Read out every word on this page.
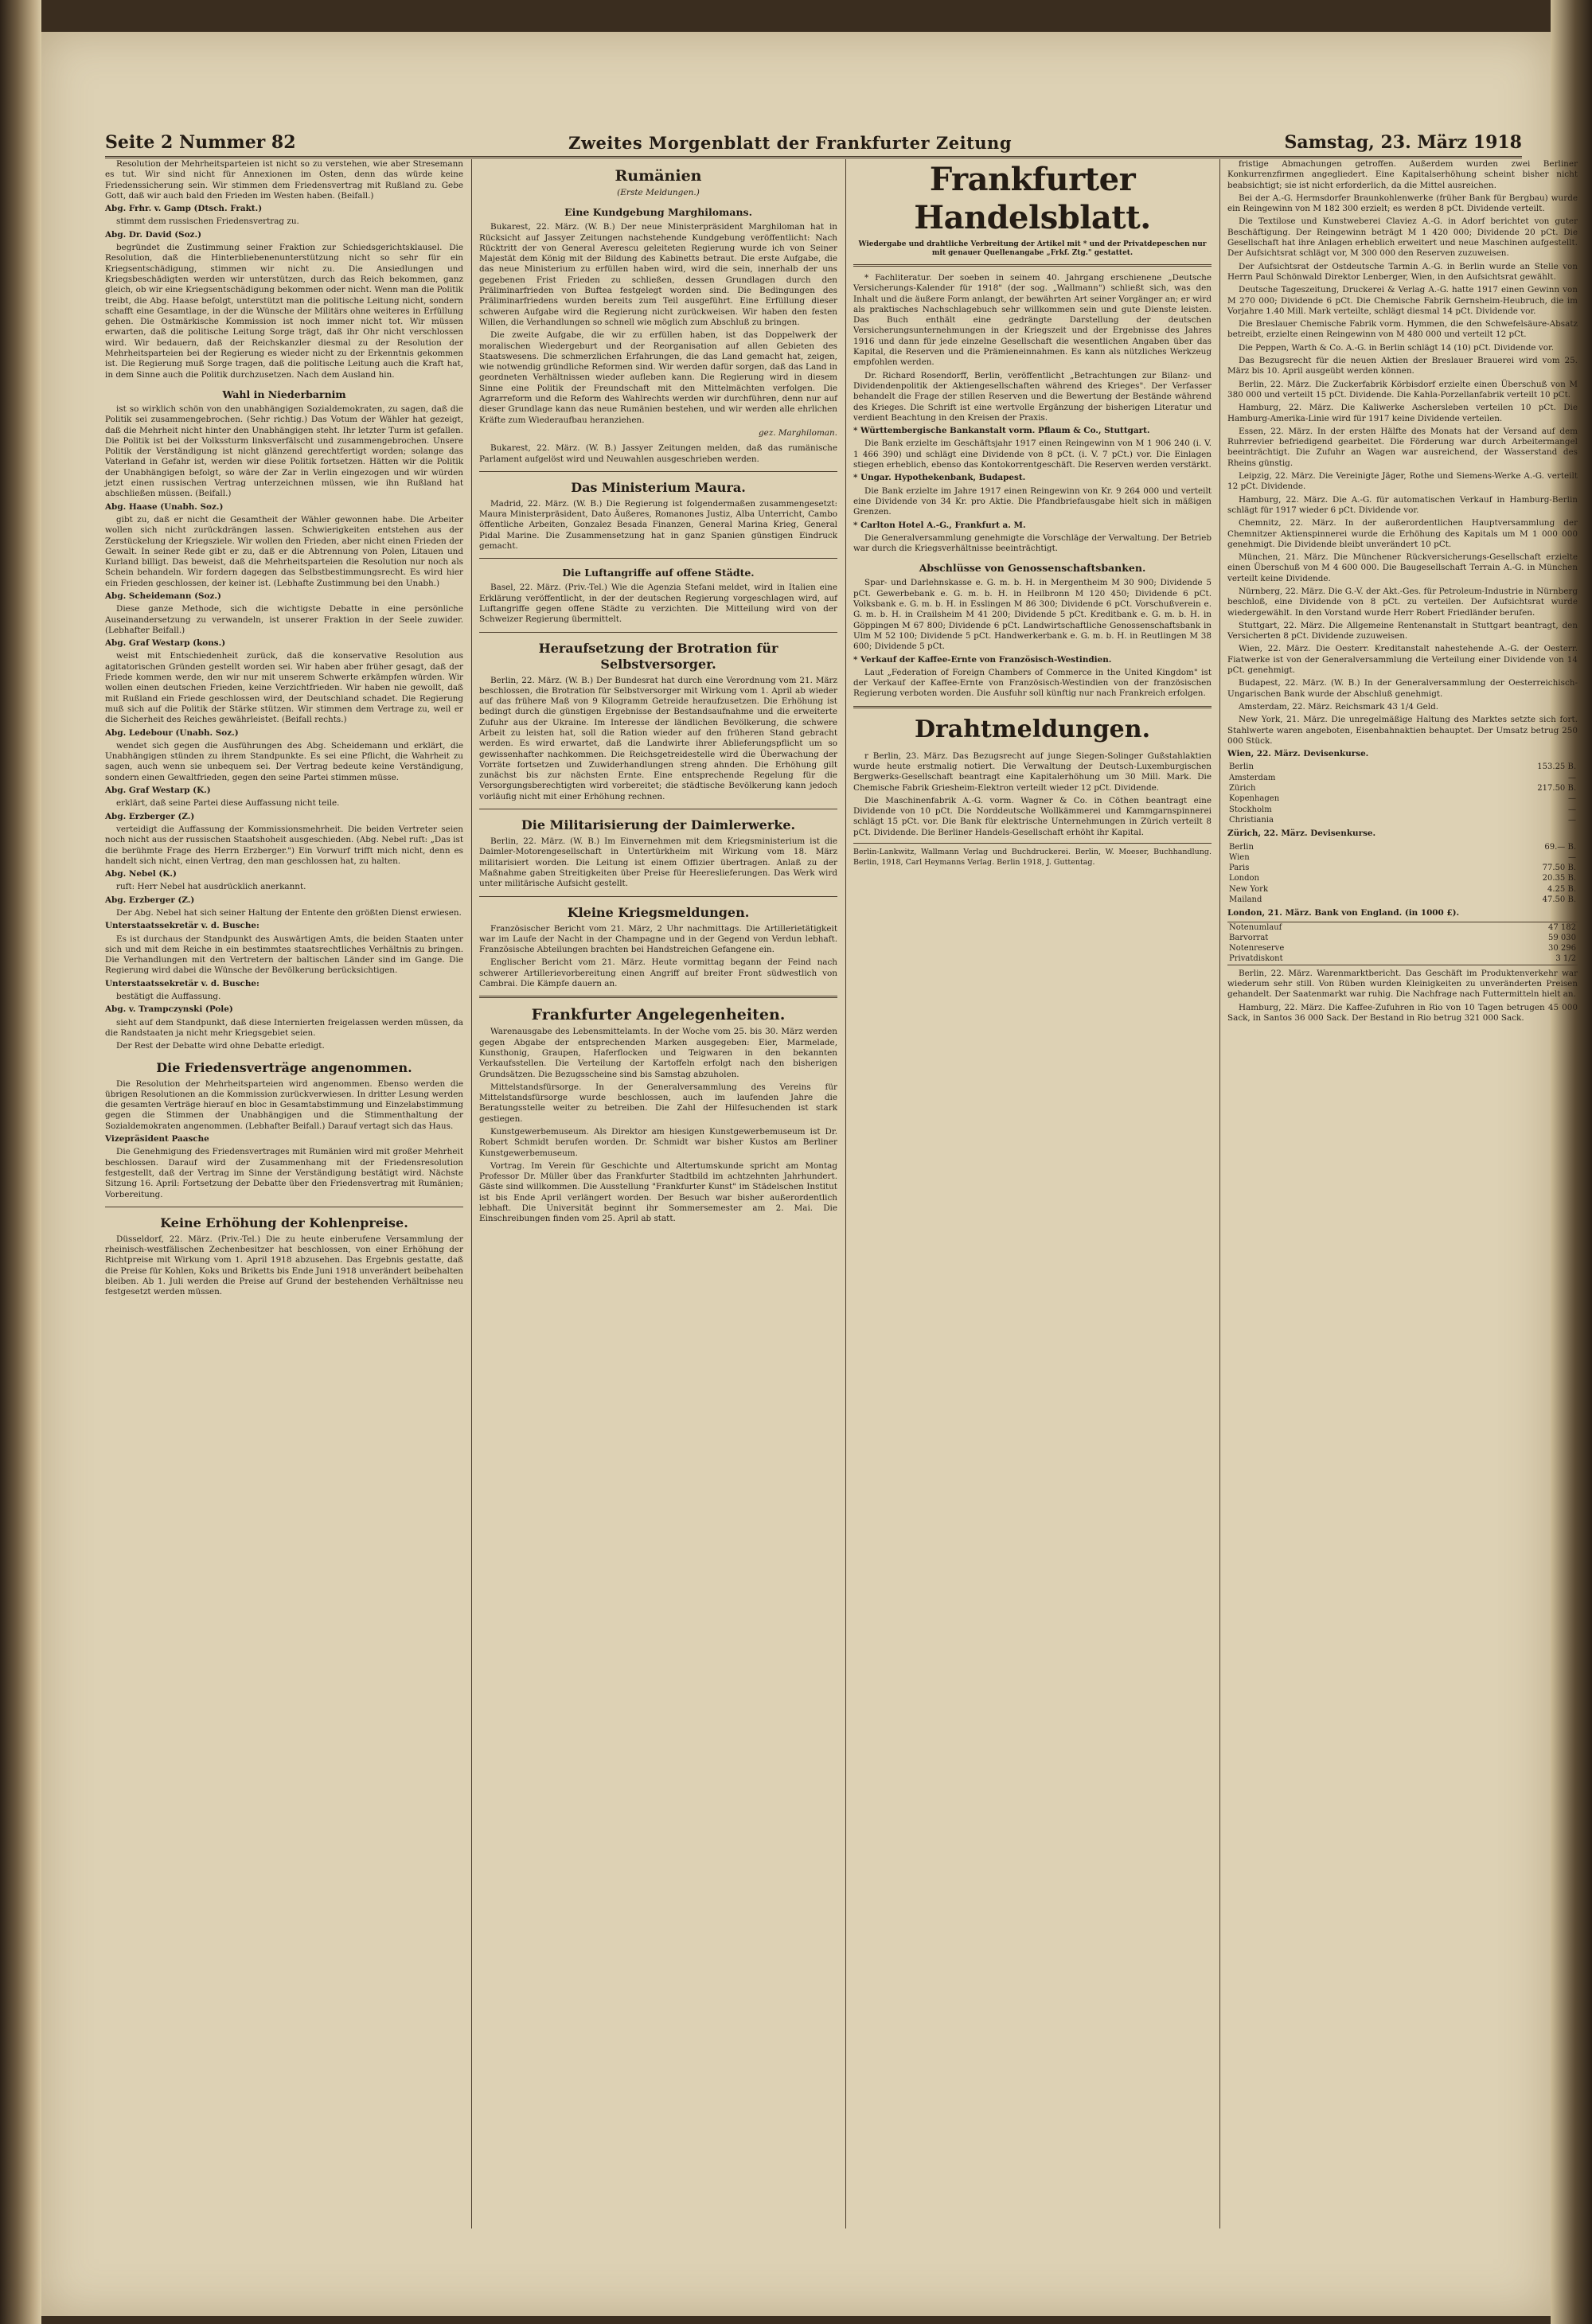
Seite 2 Nummer 82	Zweites Morgenblatt der Frankfurter Zeitung	Samstag, 23. März 1918

Resolution der Mehrheitsparteien ist nicht so zu verstehen, wie aber Stresemann es tut. Wir sind nicht für Annexionen im Osten, denn das würde keine Friedenssicherung sein. Wir stimmen dem Friedensvertrag mit Rußland zu. Gebe Gott, daß wir auch bald den Frieden im Westen haben. (Beifall.)

Abg. Frhr. v. Gamp (Dtsch. Frakt.)

stimmt dem russischen Friedensvertrag zu.

Abg. Dr. David (Soz.)

begründet die Zustimmung seiner Fraktion zur Schiedsgerichtsklausel. Die Resolution, daß die Hinterbliebenenunterstützung nicht so sehr für ein Kriegsentschädigung, stimmen wir nicht zu. Die Ansiedlungen und Kriegsbeschädigten werden wir unterstützen, durch das Reich bekommen, ganz gleich, ob wir eine Kriegsentschädigung bekommen oder nicht. Wenn man die Politik treibt, die Abg. Haase befolgt, unterstützt man die politische Leitung nicht, sondern schafft eine Gesamtlage, in der die Wünsche der Militärs ohne weiteres in Erfüllung gehen. Die Ostmärkische Kommission ist noch immer nicht tot. Wir müssen erwarten, daß die politische Leitung Sorge trägt, daß ihr Ohr nicht verschlossen wird. Wir bedauern, daß der Reichskanzler diesmal zu der Resolution der Mehrheitsparteien bei der Regierung es wieder nicht zu der Erkenntnis gekommen ist. Die Regierung muß Sorge tragen, daß die politische Leitung auch die Kraft hat, in dem Sinne auch die Politik durchzusetzen. Nach dem Ausland hin.

Wahl in Niederbarnim

ist so wirklich schön von den unabhängigen Sozialdemokraten, zu sagen, daß die Politik sei zusammengebrochen. (Sehr richtig.) Das Votum der Wähler hat gezeigt, daß die Mehrheit nicht hinter den Unabhängigen steht. Ihr letzter Turm ist gefallen. Die Politik ist bei der Volkssturm linksverfälscht und zusammengebrochen. Unsere Politik der Verständigung ist nicht glänzend gerechtfertigt worden; solange das Vaterland in Gefahr ist, werden wir diese Politik fortsetzen. Hätten wir die Politik der Unabhängigen befolgt, so wäre der Zar in Verlin eingezogen und wir würden jetzt einen russischen Vertrag unterzeichnen müssen, wie ihn Rußland hat abschließen müssen. (Beifall.)

Abg. Haase (Unabh. Soz.)

gibt zu, daß er nicht die Gesamtheit der Wähler gewonnen habe. Die Arbeiter wollen sich nicht zurückdrängen lassen. Schwierigkeiten entstehen aus der Zerstückelung der Kriegsziele. Wir wollen den Frieden, aber nicht einen Frieden der Gewalt. In seiner Rede gibt er zu, daß er die Abtrennung von Polen, Litauen und Kurland billigt. Das beweist, daß die Mehrheitsparteien die Resolution nur noch als Schein behandeln. Wir fordern dagegen das Selbstbestimmungsrecht. Es wird hier ein Frieden geschlossen, der keiner ist. (Lebhafte Zustimmung bei den Unabh.)

Abg. Scheidemann (Soz.)

Diese ganze Methode, sich die wichtigste Debatte in eine persönliche Auseinandersetzung zu verwandeln, ist unserer Fraktion in der Seele zuwider. (Lebhafter Beifall.)

Abg. Graf Westarp (kons.)

weist mit Entschiedenheit zurück, daß die konservative Resolution aus agitatorischen Gründen gestellt worden sei. Wir haben aber früher gesagt, daß der Friede kommen werde, den wir nur mit unserem Schwerte erkämpfen würden. Wir wollen einen deutschen Frieden, keine Verzichtfrieden. Wir haben nie gewollt, daß mit Rußland ein Friede geschlossen wird, der Deutschland schadet. Die Regierung muß sich auf die Politik der Stärke stützen. Wir stimmen dem Vertrage zu, weil er die Sicherheit des Reiches gewährleistet. (Beifall rechts.)

Abg. Ledebour (Unabh. Soz.)

wendet sich gegen die Ausführungen des Abg. Scheidemann und erklärt, die Unabhängigen stünden zu ihrem Standpunkte. Es sei eine Pflicht, die Wahrheit zu sagen, auch wenn sie unbequem sei. Der Vertrag bedeute keine Verständigung, sondern einen Gewaltfrieden, gegen den seine Partei stimmen müsse.

Abg. Graf Westarp (K.)

erklärt, daß seine Partei diese Auffassung nicht teile.

Abg. Erzberger (Z.)

verteidigt die Auffassung der Kommissionsmehrheit. Die beiden Vertreter seien noch nicht aus der russischen Staatshoheit ausgeschieden. (Abg. Nebel ruft: „Das ist die berühmte Frage des Herrn Erzberger.") Ein Vorwurf trifft mich nicht, denn es handelt sich nicht, einen Vertrag, den man geschlossen hat, zu halten.

Abg. Nebel (K.)

ruft: Herr Nebel hat ausdrücklich anerkannt.

Abg. Erzberger (Z.)

Der Abg. Nebel hat sich seiner Haltung der Entente den größten Dienst erwiesen.

Unterstaatssekretär v. d. Busche:

Es ist durchaus der Standpunkt des Auswärtigen Amts, die beiden Staaten unter sich und mit dem Reiche in ein bestimmtes staatsrechtliches Verhältnis zu bringen. Die Verhandlungen mit den Vertretern der baltischen Länder sind im Gange. Die Regierung wird dabei die Wünsche der Bevölkerung berücksichtigen.

Unterstaatssekretär v. d. Busche:

bestätigt die Auffassung.

Abg. v. Trampczynski (Pole)

sieht auf dem Standpunkt, daß diese Internierten freigelassen werden müssen, da die Randstaaten ja nicht mehr Kriegsgebiet seien.

Der Rest der Debatte wird ohne Debatte erledigt.

Die Friedensverträge angenommen.

Die Resolution der Mehrheitsparteien wird angenommen. Ebenso werden die übrigen Resolutionen an die Kommission zurückverwiesen. In dritter Lesung werden die gesamten Verträge hierauf en bloc in Gesamtabstimmung und Einzelabstimmung gegen die Stimmen der Unabhängigen und die Stimmenthaltung der Sozialdemokraten angenommen. (Lebhafter Beifall.) Darauf vertagt sich das Haus.

Vizepräsident Paasche

Die Genehmigung des Friedensvertrages mit Rumänien wird mit großer Mehrheit beschlossen. Darauf wird der Zusammenhang mit der Friedensresolution festgestellt, daß der Vertrag im Sinne der Verständigung bestätigt wird. Nächste Sitzung 16. April: Fortsetzung der Debatte über den Friedensvertrag mit Rumänien; Vorbereitung.

Keine Erhöhung der Kohlenpreise.

Düsseldorf, 22. März. (Priv.-Tel.) Die zu heute einberufene Versammlung der rheinisch-westfälischen Zechenbesitzer hat beschlossen, von einer Erhöhung der Richtpreise mit Wirkung vom 1. April 1918 abzusehen. Das Ergebnis gestatte, daß die Preise für Kohlen, Koks und Briketts bis Ende Juni 1918 unverändert beibehalten bleiben. Ab 1. Juli werden die Preise auf Grund der bestehenden Verhältnisse neu festgesetzt werden müssen.

Rumänien
(Erste Meldungen.)
Eine Kundgebung Marghilomans.

Bukarest, 22. März. (W. B.) Der neue Ministerpräsident Marghiloman hat in Rücksicht auf Jassyer Zeitungen nachstehende Kundgebung veröffentlicht: Nach Rücktritt der von General Averescu geleiteten Regierung wurde ich von Seiner Majestät dem König mit der Bildung des Kabinetts betraut. Die erste Aufgabe, die das neue Ministerium zu erfüllen haben wird, wird die sein, innerhalb der uns gegebenen Frist Frieden zu schließen, dessen Grundlagen durch den Präliminarfrieden von Buftea festgelegt worden sind. Die Bedingungen des Präliminarfriedens wurden bereits zum Teil ausgeführt. Eine Erfüllung dieser schweren Aufgabe wird die Regierung nicht zurückweisen. Wir haben den festen Willen, die Verhandlungen so schnell wie möglich zum Abschluß zu bringen.

Die zweite Aufgabe, die wir zu erfüllen haben, ist das Doppelwerk der moralischen Wiedergeburt und der Reorganisation auf allen Gebieten des Staatswesens. Die schmerzlichen Erfahrungen, die das Land gemacht hat, zeigen, wie notwendig gründliche Reformen sind. Wir werden dafür sorgen, daß das Land in geordneten Verhältnissen wieder aufleben kann. Die Regierung wird in diesem Sinne eine Politik der Freundschaft mit den Mittelmächten verfolgen. Die Agrarreform und die Reform des Wahlrechts werden wir durchführen, denn nur auf dieser Grundlage kann das neue Rumänien bestehen, und wir werden alle ehrlichen Kräfte zum Wiederaufbau heranziehen.

gez. Marghiloman.

Bukarest, 22. März. (W. B.) Jassyer Zeitungen melden, daß das rumänische Parlament aufgelöst wird und Neuwahlen ausgeschrieben werden.

Das Ministerium Maura.

Madrid, 22. März. (W. B.) Die Regierung ist folgendermaßen zusammengesetzt: Maura Ministerpräsident, Dato Äußeres, Romanones Justiz, Alba Unterricht, Cambo öffentliche Arbeiten, Gonzalez Besada Finanzen, General Marina Krieg, General Pidal Marine. Die Zusammensetzung hat in ganz Spanien günstigen Eindruck gemacht.

Die Luftangriffe auf offene Städte.

Basel, 22. März. (Priv.-Tel.) Wie die Agenzia Stefani meldet, wird in Italien eine Erklärung veröffentlicht, in der der deutschen Regierung vorgeschlagen wird, auf Luftangriffe gegen offene Städte zu verzichten. Die Mitteilung wird von der Schweizer Regierung übermittelt.

Heraufsetzung der Brotration für Selbstversorger.

Berlin, 22. März. (W. B.) Der Bundesrat hat durch eine Verordnung vom 21. März beschlossen, die Brotration für Selbstversorger mit Wirkung vom 1. April ab wieder auf das frühere Maß von 9 Kilogramm Getreide heraufzusetzen. Die Erhöhung ist bedingt durch die günstigen Ergebnisse der Bestandsaufnahme und die erweiterte Zufuhr aus der Ukraine. Im Interesse der ländlichen Bevölkerung, die schwere Arbeit zu leisten hat, soll die Ration wieder auf den früheren Stand gebracht werden. Es wird erwartet, daß die Landwirte ihrer Ablieferungspflicht um so gewissenhafter nachkommen. Die Reichsgetreidestelle wird die Überwachung der Vorräte fortsetzen und Zuwiderhandlungen streng ahnden. Die Erhöhung gilt zunächst bis zur nächsten Ernte. Eine entsprechende Regelung für die Versorgungsberechtigten wird vorbereitet; die städtische Bevölkerung kann jedoch vorläufig nicht mit einer Erhöhung rechnen.

Die Militarisierung der Daimlerwerke.

Berlin, 22. März. (W. B.) Im Einvernehmen mit dem Kriegsministerium ist die Daimler-Motorengesellschaft in Untertürkheim mit Wirkung vom 18. März militarisiert worden. Die Leitung ist einem Offizier übertragen. Anlaß zu der Maßnahme gaben Streitigkeiten über Preise für Heereslieferungen. Das Werk wird unter militärische Aufsicht gestellt.

Kleine Kriegsmeldungen.

Französischer Bericht vom 21. März, 2 Uhr nachmittags. Die Artillerietätigkeit war im Laufe der Nacht in der Champagne und in der Gegend von Verdun lebhaft. Französische Abteilungen brachten bei Handstreichen Gefangene ein.

Englischer Bericht vom 21. März. Heute vormittag begann der Feind nach schwerer Artillerievorbereitung einen Angriff auf breiter Front südwestlich von Cambrai. Die Kämpfe dauern an.

Frankfurter Angelegenheiten.

Warenausgabe des Lebensmittelamts. In der Woche vom 25. bis 30. März werden gegen Abgabe der entsprechenden Marken ausgegeben: Eier, Marmelade, Kunsthonig, Graupen, Haferflocken und Teigwaren in den bekannten Verkaufsstellen. Die Verteilung der Kartoffeln erfolgt nach den bisherigen Grundsätzen. Die Bezugsscheine sind bis Samstag abzuholen.

Mittelstandsfürsorge. In der Generalversammlung des Vereins für Mittelstandsfürsorge wurde beschlossen, auch im laufenden Jahre die Beratungsstelle weiter zu betreiben. Die Zahl der Hilfesuchenden ist stark gestiegen.

Kunstgewerbemuseum. Als Direktor am hiesigen Kunstgewerbemuseum ist Dr. Robert Schmidt berufen worden. Dr. Schmidt war bisher Kustos am Berliner Kunstgewerbemuseum.

Vortrag. Im Verein für Geschichte und Altertumskunde spricht am Montag Professor Dr. Müller über das Frankfurter Stadtbild im achtzehnten Jahrhundert. Gäste sind willkommen. Die Ausstellung "Frankfurter Kunst" im Städelschen Institut ist bis Ende April verlängert worden. Der Besuch war bisher außerordentlich lebhaft. Die Universität beginnt ihr Sommersemester am 2. Mai. Die Einschreibungen finden vom 25. April ab statt.

Frankfurter Handelsblatt.
Wiedergabe und drahtliche Verbreitung der Artikel mit * und der Privatdepeschen nur mit genauer Quellenangabe „Frkf. Ztg." gestattet.

* Fachliteratur. Der soeben in seinem 40. Jahrgang erschienene „Deutsche Versicherungs-Kalender für 1918" (der sog. „Wallmann") schließt sich, was den Inhalt und die äußere Form anlangt, der bewährten Art seiner Vorgänger an; er wird als praktisches Nachschlagebuch sehr willkommen sein und gute Dienste leisten. Das Buch enthält eine gedrängte Darstellung der deutschen Versicherungsunternehmungen in der Kriegszeit und der Ergebnisse des Jahres 1916 und dann für jede einzelne Gesellschaft die wesentlichen Angaben über das Kapital, die Reserven und die Prämieneinnahmen. Es kann als nützliches Werkzeug empfohlen werden.

Dr. Richard Rosendorff, Berlin, veröffentlicht „Betrachtungen zur Bilanz- und Dividendenpolitik der Aktiengesellschaften während des Krieges". Der Verfasser behandelt die Frage der stillen Reserven und die Bewertung der Bestände während des Krieges. Die Schrift ist eine wertvolle Ergänzung der bisherigen Literatur und verdient Beachtung in den Kreisen der Praxis.

* Württembergische Bankanstalt vorm. Pflaum & Co., Stuttgart.

Die Bank erzielte im Geschäftsjahr 1917 einen Reingewinn von M 1 906 240 (i. V. 1 466 390) und schlägt eine Dividende von 8 pCt. (i. V. 7 pCt.) vor. Die Einlagen stiegen erheblich, ebenso das Kontokorrentgeschäft. Die Reserven werden verstärkt.

* Ungar. Hypothekenbank, Budapest.

Die Bank erzielte im Jahre 1917 einen Reingewinn von Kr. 9 264 000 und verteilt eine Dividende von 34 Kr. pro Aktie. Die Pfandbriefausgabe hielt sich in mäßigen Grenzen.

* Carlton Hotel A.-G., Frankfurt a. M.

Die Generalversammlung genehmigte die Vorschläge der Verwaltung. Der Betrieb war durch die Kriegsverhältnisse beeinträchtigt.

Abschlüsse von Genossenschaftsbanken.

Spar- und Darlehnskasse e. G. m. b. H. in Mergentheim M 30 900; Dividende 5 pCt. Gewerbebank e. G. m. b. H. in Heilbronn M 120 450; Dividende 6 pCt. Volksbank e. G. m. b. H. in Esslingen M 86 300; Dividende 6 pCt. Vorschußverein e. G. m. b. H. in Crailsheim M 41 200; Dividende 5 pCt. Kreditbank e. G. m. b. H. in Göppingen M 67 800; Dividende 6 pCt. Landwirtschaftliche Genossenschaftsbank in Ulm M 52 100; Dividende 5 pCt. Handwerkerbank e. G. m. b. H. in Reutlingen M 38 600; Dividende 5 pCt.

* Verkauf der Kaffee-Ernte von Französisch-Westindien.

Laut „Federation of Foreign Chambers of Commerce in the United Kingdom" ist der Verkauf der Kaffee-Ernte von Französisch-Westindien von der französischen Regierung verboten worden. Die Ausfuhr soll künftig nur nach Frankreich erfolgen.

Drahtmeldungen.

r Berlin, 23. März. Das Bezugsrecht auf junge Siegen-Solinger Gußstahlaktien wurde heute erstmalig notiert. Die Verwaltung der Deutsch-Luxemburgischen Bergwerks-Gesellschaft beantragt eine Kapitalerhöhung um 30 Mill. Mark. Die Chemische Fabrik Griesheim-Elektron verteilt wieder 12 pCt. Dividende.

Die Maschinenfabrik A.-G. vorm. Wagner & Co. in Cöthen beantragt eine Dividende von 10 pCt. Die Norddeutsche Wollkämmerei und Kammgarnspinnerei schlägt 15 pCt. vor. Die Bank für elektrische Unternehmungen in Zürich verteilt 8 pCt. Dividende. Die Berliner Handels-Gesellschaft erhöht ihr Kapital.

Berlin-Lankwitz, Wallmann Verlag und Buchdruckerei. Berlin, W. Moeser, Buchhandlung. Berlin, 1918, Carl Heymanns Verlag. Berlin 1918, J. Guttentag.

fristige Abmachungen getroffen. Außerdem wurden zwei Berliner Konkurrenzfirmen angegliedert. Eine Kapitalserhöhung scheint bisher nicht beabsichtigt; sie ist nicht erforderlich, da die Mittel ausreichen.

Bei der A.-G. Hermsdorfer Braunkohlenwerke (früher Bank für Bergbau) wurde ein Reingewinn von M 182 300 erzielt; es werden 8 pCt. Dividende verteilt.

Die Textilose und Kunstweberei Claviez A.-G. in Adorf berichtet von guter Beschäftigung. Der Reingewinn beträgt M 1 420 000; Dividende 20 pCt. Die Gesellschaft hat ihre Anlagen erheblich erweitert und neue Maschinen aufgestellt. Der Aufsichtsrat schlägt vor, M 300 000 den Reserven zuzuweisen.

Der Aufsichtsrat der Ostdeutsche Tarmin A.-G. in Berlin wurde an Stelle von Herrn Paul Schönwald Direktor Lenberger, Wien, in den Aufsichtsrat gewählt.

Deutsche Tageszeitung, Druckerei & Verlag A.-G. hatte 1917 einen Gewinn von M 270 000; Dividende 6 pCt. Die Chemische Fabrik Gernsheim-Heubruch, die im Vorjahre 1.40 Mill. Mark verteilte, schlägt diesmal 14 pCt. Dividende vor.

Die Breslauer Chemische Fabrik vorm. Hymmen, die den Schwefelsäure-Absatz betreibt, erzielte einen Reingewinn von M 480 000 und verteilt 12 pCt.

Die Peppen, Warth & Co. A.-G. in Berlin schlägt 14 (10) pCt. Dividende vor.

Das Bezugsrecht für die neuen Aktien der Breslauer Brauerei wird vom 25. März bis 10. April ausgeübt werden können.

Berlin, 22. März. Die Zuckerfabrik Körbisdorf erzielte einen Überschuß von M 380 000 und verteilt 15 pCt. Dividende. Die Kahla-Porzellanfabrik verteilt 10 pCt.

Hamburg, 22. März. Die Kaliwerke Aschersleben verteilen 10 pCt. Die Hamburg-Amerika-Linie wird für 1917 keine Dividende verteilen.

Essen, 22. März. In der ersten Hälfte des Monats hat der Versand auf dem Ruhrrevier befriedigend gearbeitet. Die Förderung war durch Arbeitermangel beeinträchtigt. Die Zufuhr an Wagen war ausreichend, der Wasserstand des Rheins günstig.

Leipzig, 22. März. Die Vereinigte Jäger, Rothe und Siemens-Werke A.-G. verteilt 12 pCt. Dividende.

Hamburg, 22. März. Die A.-G. für automatischen Verkauf in Hamburg-Berlin schlägt für 1917 wieder 6 pCt. Dividende vor.

Chemnitz, 22. März. In der außerordentlichen Hauptversammlung der Chemnitzer Aktienspinnerei wurde die Erhöhung des Kapitals um M 1 000 000 genehmigt. Die Dividende bleibt unverändert 10 pCt.

München, 21. März. Die Münchener Rückversicherungs-Gesellschaft erzielte einen Überschuß von M 4 600 000. Die Baugesellschaft Terrain A.-G. in München verteilt keine Dividende.

Nürnberg, 22. März. Die G.-V. der Akt.-Ges. für Petroleum-Industrie in Nürnberg beschloß, eine Dividende von 8 pCt. zu verteilen. Der Aufsichtsrat wurde wiedergewählt. In den Vorstand wurde Herr Robert Friedländer berufen.

Stuttgart, 22. März. Die Allgemeine Rentenanstalt in Stuttgart beantragt, den Versicherten 8 pCt. Dividende zuzuweisen.

Wien, 22. März. Die Oesterr. Kreditanstalt nahestehende A.-G. der Oesterr. Fiatwerke ist von der Generalversammlung die Verteilung einer Dividende von 14 pCt. genehmigt.

Budapest, 22. März. (W. B.) In der Generalversammlung der Oesterreichisch-Ungarischen Bank wurde der Abschluß genehmigt.

Amsterdam, 22. März. Reichsmark 43 1/4 Geld.

New York, 21. März. Die unregelmäßige Haltung des Marktes setzte sich fort. Stahlwerte waren angeboten, Eisenbahnaktien behauptet. Der Umsatz betrug 250 000 Stück.

Wien, 22. März. Devisenkurse.

Berlin	153.25 B.
Amsterdam	—
Zürich	217.50 B.
Kopenhagen	—
Stockholm	—
Christiania	—

Zürich, 22. März. Devisenkurse.

Berlin	69.— B.
Wien	—
Paris	77.50 B.
London	20.35 B.
New York	4.25 B.
Mailand	47.50 B.

London, 21. März. Bank von England. (in 1000 £).

Notenumlauf	47 182
Barvorrat	59 030
Notenreserve	30 296
Privatdiskont	3 1/2

Berlin, 22. März. Warenmarktbericht. Das Geschäft im Produktenverkehr war wiederum sehr still. Von Rüben wurden Kleinigkeiten zu unveränderten Preisen gehandelt. Der Saatenmarkt war ruhig. Die Nachfrage nach Futtermitteln hielt an.

Hamburg, 22. März. Die Kaffee-Zufuhren in Rio von 10 Tagen betrugen 45 000 Sack, in Santos 36 000 Sack. Der Bestand in Rio betrug 321 000 Sack.
